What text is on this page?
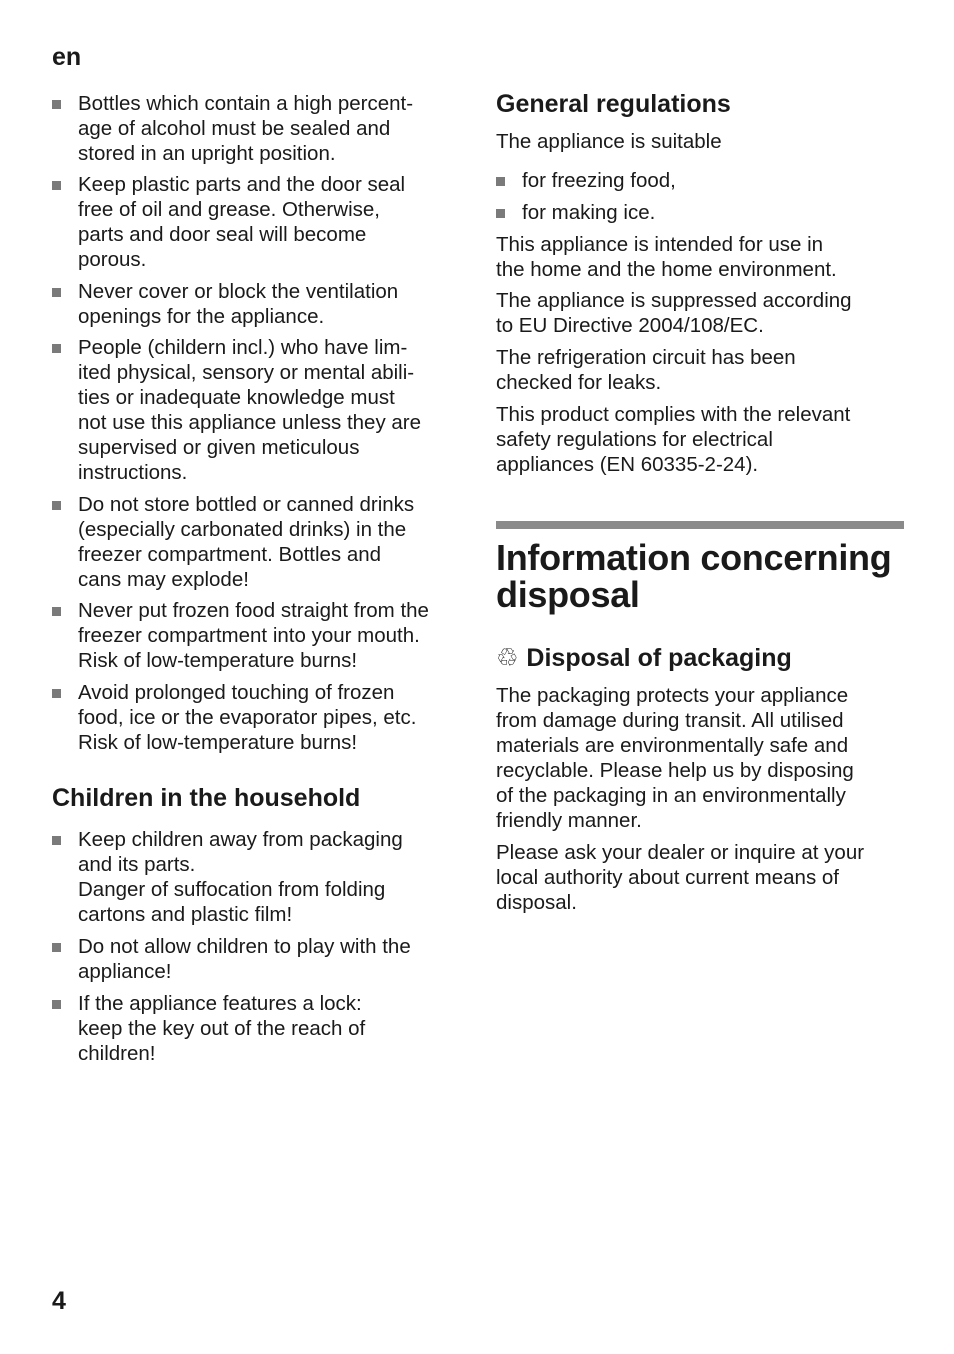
en
Bottles which contain a high percent-
age of alcohol must be sealed and
stored in an upright position.
Keep plastic parts and the door seal
free of oil and grease. Otherwise,
parts and door seal will become
porous.
Never cover or block the ventilation
openings for the appliance.
People (childern incl.) who have lim-
ited physical, sensory or mental abili-
ties or inadequate knowledge must
not use this appliance unless they are
supervised or given meticulous
instructions.
Do not store bottled or canned drinks
(especially carbonated drinks) in the
freezer compartment. Bottles and
cans may explode!
Never put frozen food straight from the
freezer compartment into your mouth.
Risk of low-temperature burns!
Avoid prolonged touching of frozen
food, ice or the evaporator pipes, etc.
Risk of low-temperature burns!
Children in the household
Keep children away from packaging
and its parts.
Danger of suffocation from folding
cartons and plastic film!
Do not allow children to play with the
appliance!
If the appliance features a lock:
keep the key out of the reach of
children!
General regulations

The appliance is suitable

for freezing food,
for making ice.

This appliance is intended for use in
the home and the home environment.

The appliance is suppressed according
to EU Directive 2004/108/EC.

The refrigeration circuit has been
checked for leaks.

This product complies with the relevant
safety regulations for electrical
appliances (EN 60335-2-24).

Information concerning
disposal
♲ Disposal of packaging

The packaging protects your appliance
from damage during transit. All utilised
materials are environmentally safe and
recyclable. Please help us by disposing
of the packaging in an environmentally
friendly manner.

Please ask your dealer or inquire at your
local authority about current means of
disposal.

4
